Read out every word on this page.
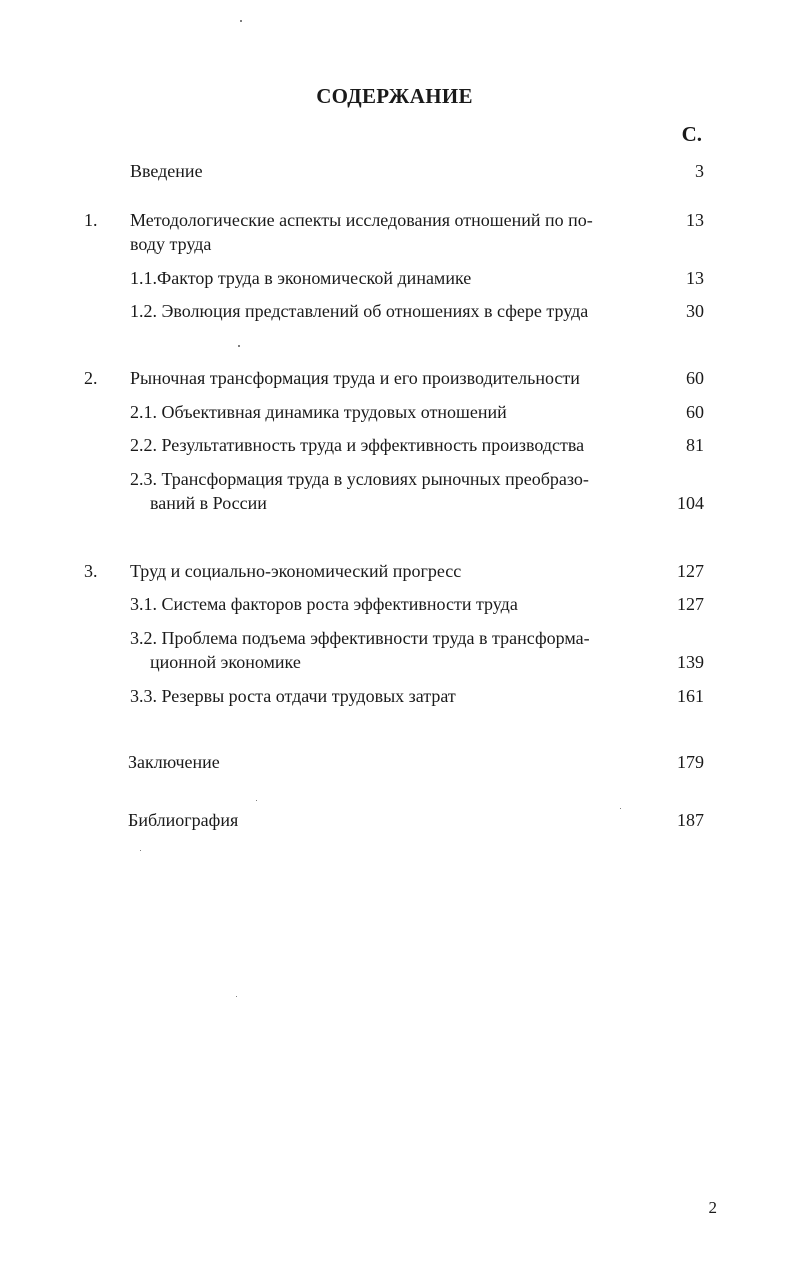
СОДЕРЖАНИЕ
С.
Введение	3
1. Методологические аспекты исследования отношений по по-	13
воду труда
1.1.Фактор труда в экономической динамике	13
1.2. Эволюция представлений об отношениях в сфере труда	30
2. Рыночная трансформация труда и его производительности	60
2.1. Объективная динамика трудовых отношений	60
2.2. Результативность труда и эффективность производства	81
2.3. Трансформация труда в условиях рыночных преобразо-
ваний в России	104
3. Труд и социально-экономический прогресс	127
3.1. Система факторов роста эффективности труда	127
3.2. Проблема подъема эффективности труда в трансформа-
ционной экономике	139
3.3. Резервы роста отдачи трудовых затрат	161
Заключение	179
Библиография	187
2
